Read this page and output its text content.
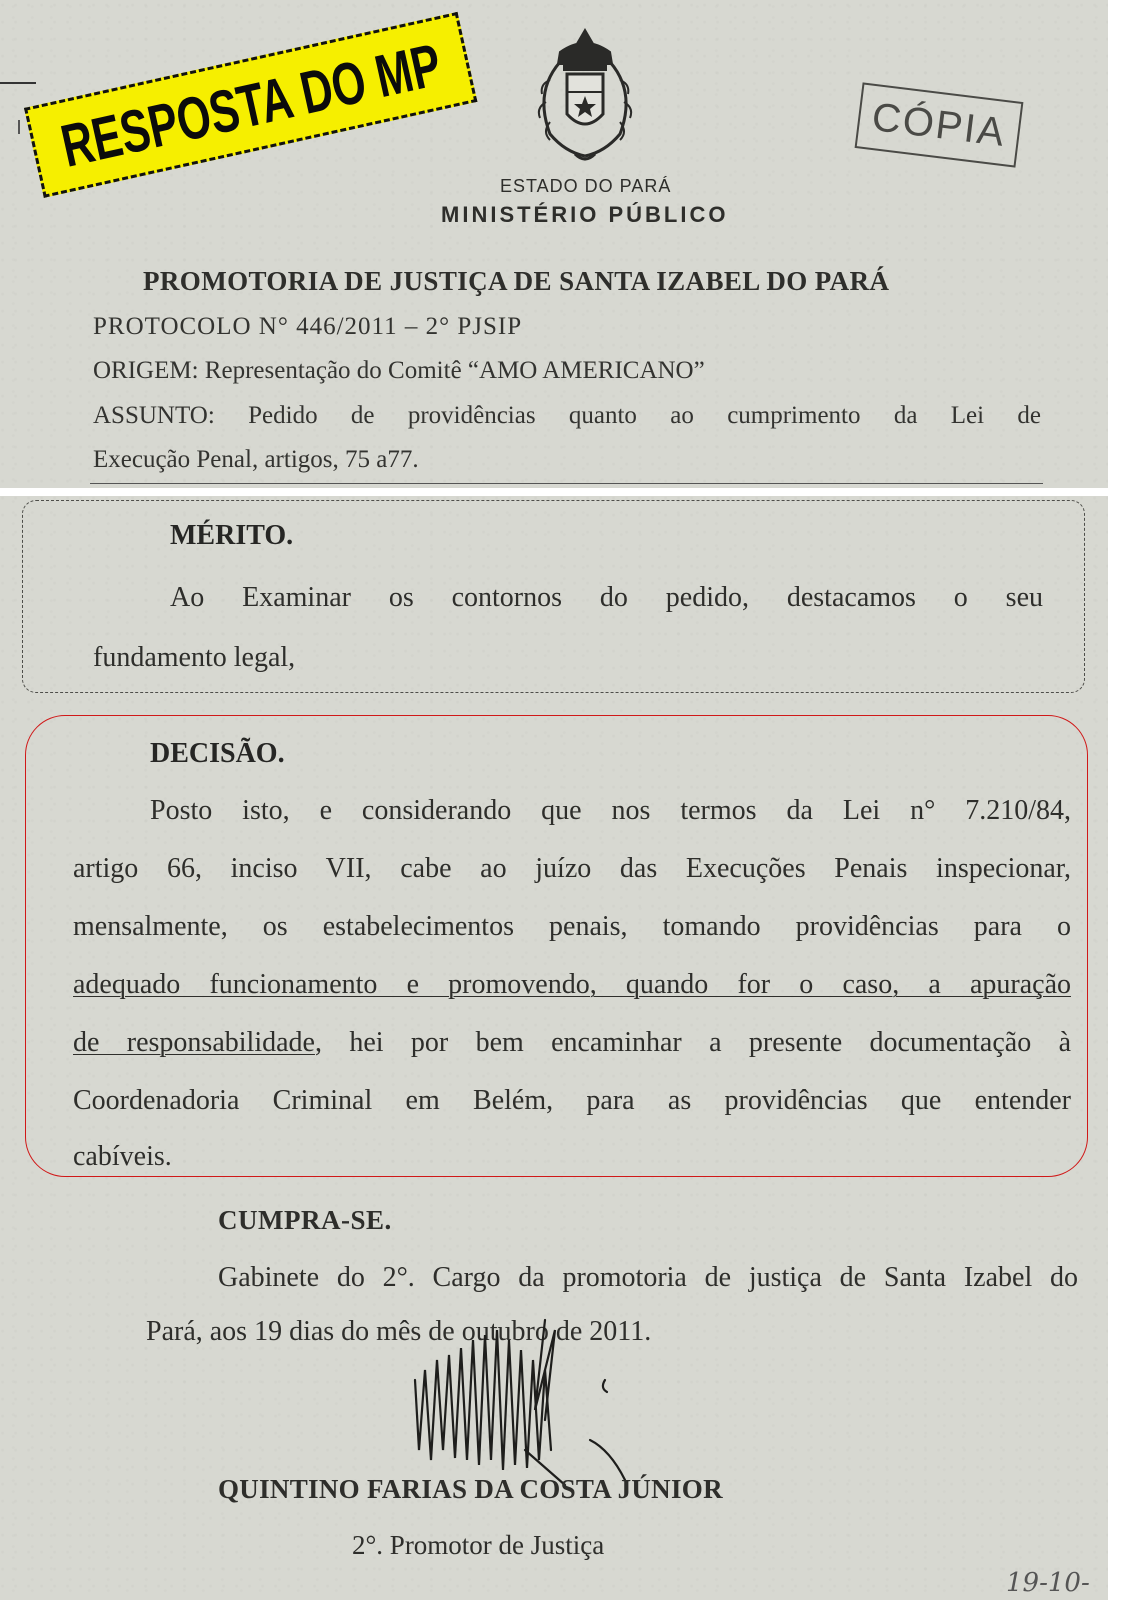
RESPOSTA DO MP	CÓPIA
ESTADO DO PARÁ
MINISTÉRIO PÚBLICO
PROMOTORIA DE JUSTIÇA DE SANTA IZABEL DO PARÁ
PROTOCOLO N° 446/2011 – 2° PJSIP
ORIGEM: Representação do Comitê “AMO AMERICANO”
ASSUNTO: Pedido de providências quanto ao cumprimento da Lei de
Execução Penal, artigos, 75 a77.
MÉRITO.
Ao Examinar os contornos do pedido, destacamos o seu
fundamento legal,
DECISÃO.
Posto isto, e considerando que nos termos da Lei n° 7.210/84,
artigo 66, inciso VII, cabe ao juízo das Execuções Penais inspecionar,
mensalmente, os estabelecimentos penais, tomando providências para o
adequado funcionamento e promovendo, quando for o caso, a apuração
de responsabilidade, hei por bem encaminhar a presente documentação à
Coordenadoria Criminal em Belém, para as providências que entender
cabíveis.
CUMPRA-SE.
Gabinete do 2°. Cargo da promotoria de justiça de Santa Izabel do
Pará, aos 19 dias do mês de outubro de 2011.
QUINTINO FARIAS DA COSTA JÚNIOR
2°. Promotor de Justiça
19-10-
